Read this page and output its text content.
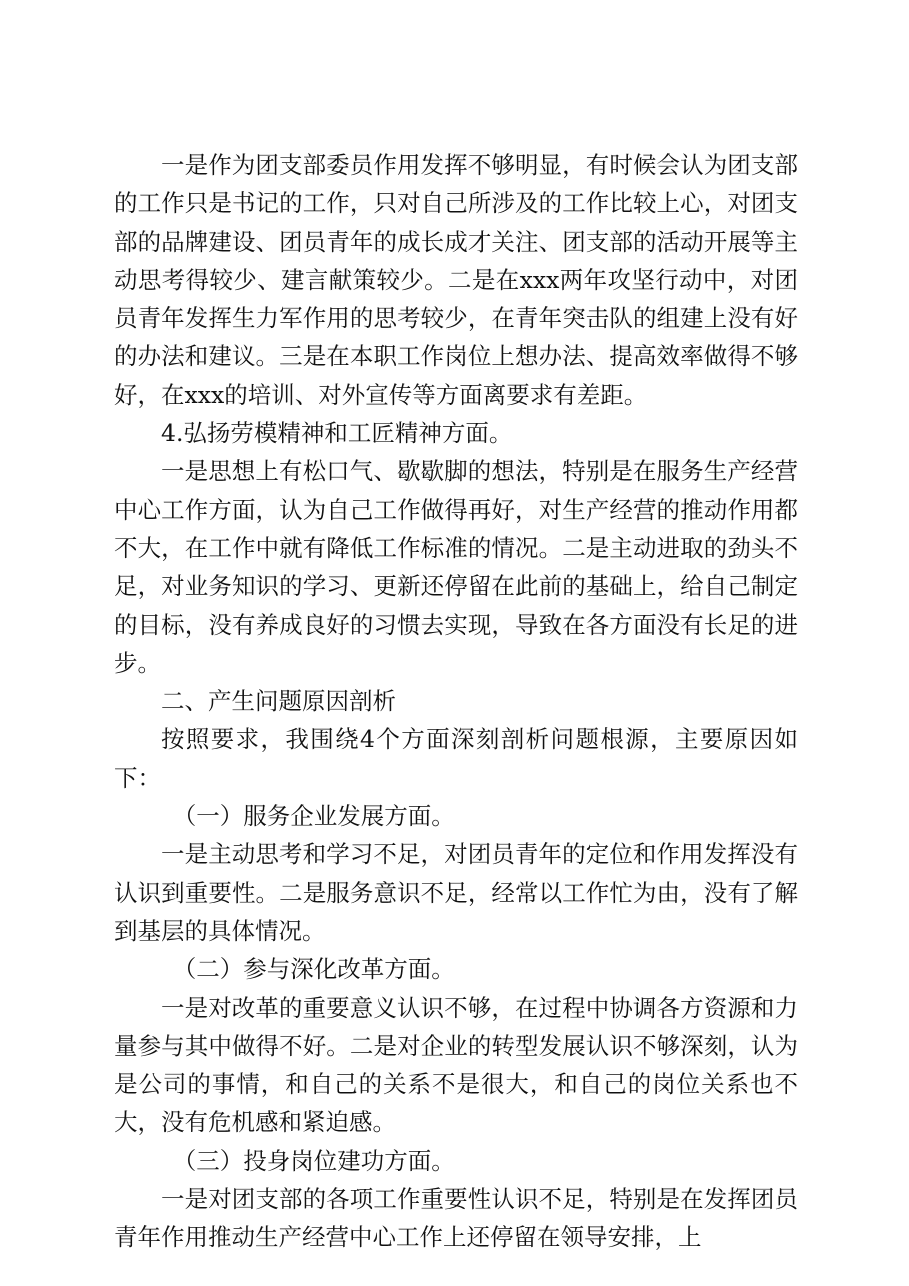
一是作为团支部委员作用发挥不够明显，有时候会认为团支部的工作只是书记的工作，只对自己所涉及的工作比较上心，对团支部的品牌建设、团员青年的成长成才关注、团支部的活动开展等主动思考得较少、建言献策较少。二是在xxx两年攻坚行动中，对团员青年发挥生力军作用的思考较少，在青年突击队的组建上没有好的办法和建议。三是在本职工作岗位上想办法、提高效率做得不够好，在xxx的培训、对外宣传等方面离要求有差距。

4.弘扬劳模精神和工匠精神方面。

一是思想上有松口气、歇歇脚的想法，特别是在服务生产经营中心工作方面，认为自己工作做得再好，对生产经营的推动作用都不大，在工作中就有降低工作标准的情况。二是主动进取的劲头不足，对业务知识的学习、更新还停留在此前的基础上，给自己制定的目标，没有养成良好的习惯去实现，导致在各方面没有长足的进步。

二、产生问题原因剖析

按照要求，我围绕4个方面深刻剖析问题根源，主要原因如下：

（一）服务企业发展方面。

一是主动思考和学习不足，对团员青年的定位和作用发挥没有认识到重要性。二是服务意识不足，经常以工作忙为由，没有了解到基层的具体情况。

（二）参与深化改革方面。

一是对改革的重要意义认识不够，在过程中协调各方资源和力量参与其中做得不好。二是对企业的转型发展认识不够深刻，认为是公司的事情，和自己的关系不是很大，和自己的岗位关系也不大，没有危机感和紧迫感。

（三）投身岗位建功方面。

一是对团支部的各项工作重要性认识不足，特别是在发挥团员青年作用推动生产经营中心工作上还停留在领导安排，上
